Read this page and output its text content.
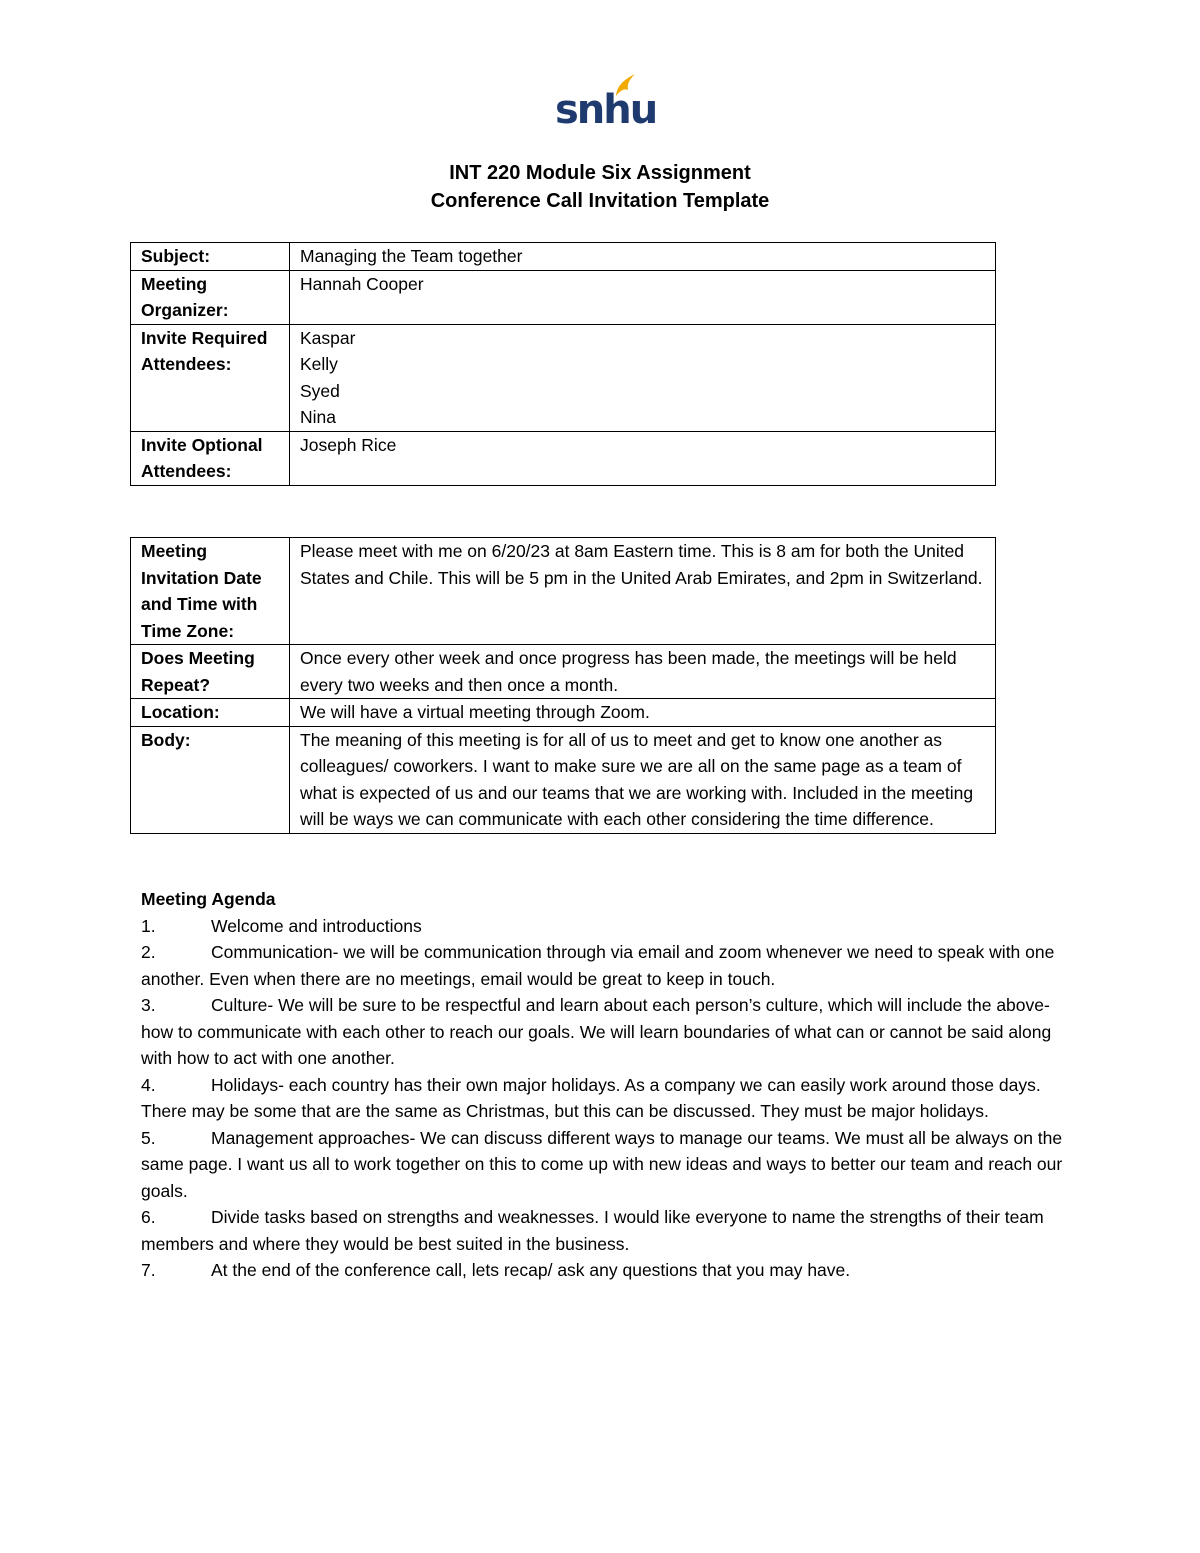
snhu
INT 220 Module Six Assignment
Conference Call Invitation Template
Subject:	Managing the Team together
Meeting Organizer:	Hannah Cooper
Invite Required Attendees:	Kaspar
Kelly
Syed
Nina

Invite Optional Attendees:	Joseph Rice
Meeting Invitation Date and Time with Time Zone:	Please meet with me on 6/20/23 at 8am Eastern time. This is 8 am for both the United States and Chile. This will be 5 pm in the United Arab Emirates, and 2pm in Switzerland.
Does Meeting Repeat?	Once every other week and once progress has been made, the meetings will be held every two weeks and then once a month.
Location:	We will have a virtual meeting through Zoom.
Body:	The meaning of this meeting is for all of us to meet and get to know one another as colleagues/ coworkers. I want to make sure we are all on the same page as a team of what is expected of us and our teams that we are working with. Included in the meeting will be ways we can communicate with each other considering the time difference.
Meeting Agenda
1.	Welcome and introductions
2.	Communication- we will be communication through via email and zoom whenever we need to speak with one another. Even when there are no meetings, email would be great to keep in touch.
3.	Culture- We will be sure to be respectful and learn about each person’s culture, which will include the above- how to communicate with each other to reach our goals. We will learn boundaries of what can or cannot be said along with how to act with one another.
4.	Holidays- each country has their own major holidays. As a company we can easily work around those days. There may be some that are the same as Christmas, but this can be discussed. They must be major holidays.
5.	Management approaches- We can discuss different ways to manage our teams. We must all be always on the same page. I want us all to work together on this to come up with new ideas and ways to better our team and reach our goals.
6.	Divide tasks based on strengths and weaknesses. I would like everyone to name the strengths of their team members and where they would be best suited in the business.
7.	At the end of the conference call, lets recap/ ask any questions that you may have.
